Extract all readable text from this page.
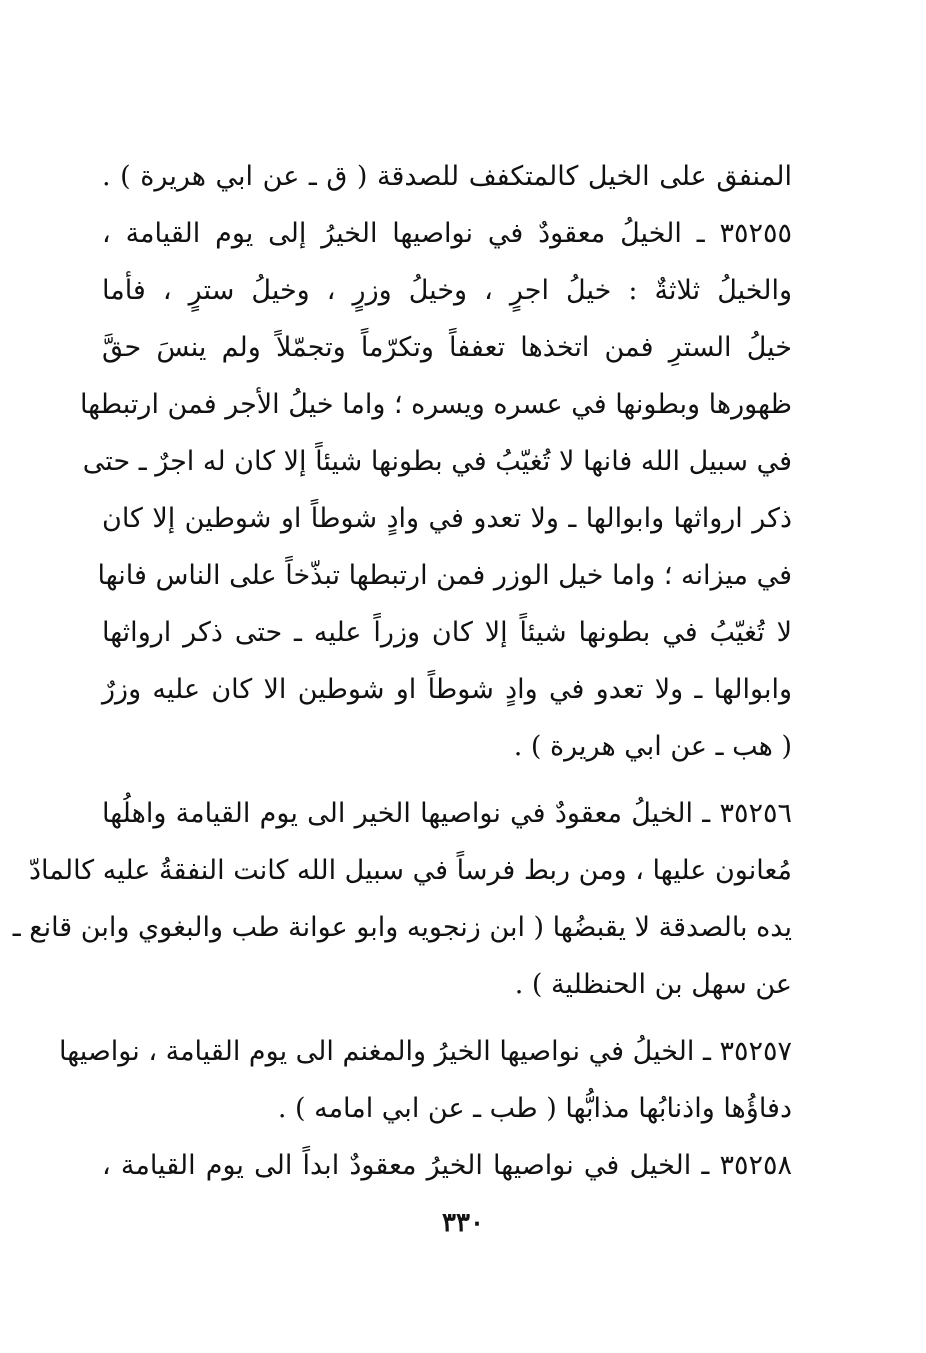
المنفق على الخيل كالمتكفف للصدقة ( ق ـ عن ابي هريرة ) .
٣٥٢٥٥ ـ الخيلُ معقودٌ في نواصيها الخيرُ إلى يوم القيامة ،
والخيلُ ثلاثةٌ : خيلُ اجرٍ ، وخيلُ وزرٍ ، وخيلُ سترٍ ، فأما
خيلُ السترِ فمن اتخذها تعففاً وتكرّماً وتجمّلاً ولم ينسَ حقَّ
ظهورها وبطونها في عسره ويسره ؛ واما خيلُ الأجر فمن ارتبطها
في سبيل الله فانها لا تُغيّبُ في بطونها شيئاً إلا كان له اجرٌ ـ حتى
ذكر ارواثها وابوالها ـ ولا تعدو في وادٍ شوطاً او شوطين إلا كان
في ميزانه ؛ واما خيل الوزر فمن ارتبطها تبذّخاً على الناس فانها
لا تُغيّبُ في بطونها شيئاً إلا كان وزراً عليه ـ حتى ذكر ارواثها
وابوالها ـ ولا تعدو في وادٍ شوطاً او شوطين الا كان عليه وزرٌ
( هب ـ عن ابي هريرة ) .
٣٥٢٥٦ ـ الخيلُ معقودٌ في نواصيها الخير الى يوم القيامة واهلُها
مُعانون عليها ، ومن ربط فرساً في سبيل الله كانت النفقةُ عليه كالمادّ
يده بالصدقة لا يقبضُها ( ابن زنجويه وابو عوانة طب والبغوي وابن قانع ـ
عن سهل بن الحنظلية ) .
٣٥٢٥٧ ـ الخيلُ في نواصيها الخيرُ والمغنم الى يوم القيامة ، نواصيها
دفاؤُها واذنابُها مذابُّها ( طب ـ عن ابي امامه ) .
٣٥٢٥٨ ـ الخيل في نواصيها الخيرُ معقودٌ ابداً الى يوم القيامة ،
٣٣٠
